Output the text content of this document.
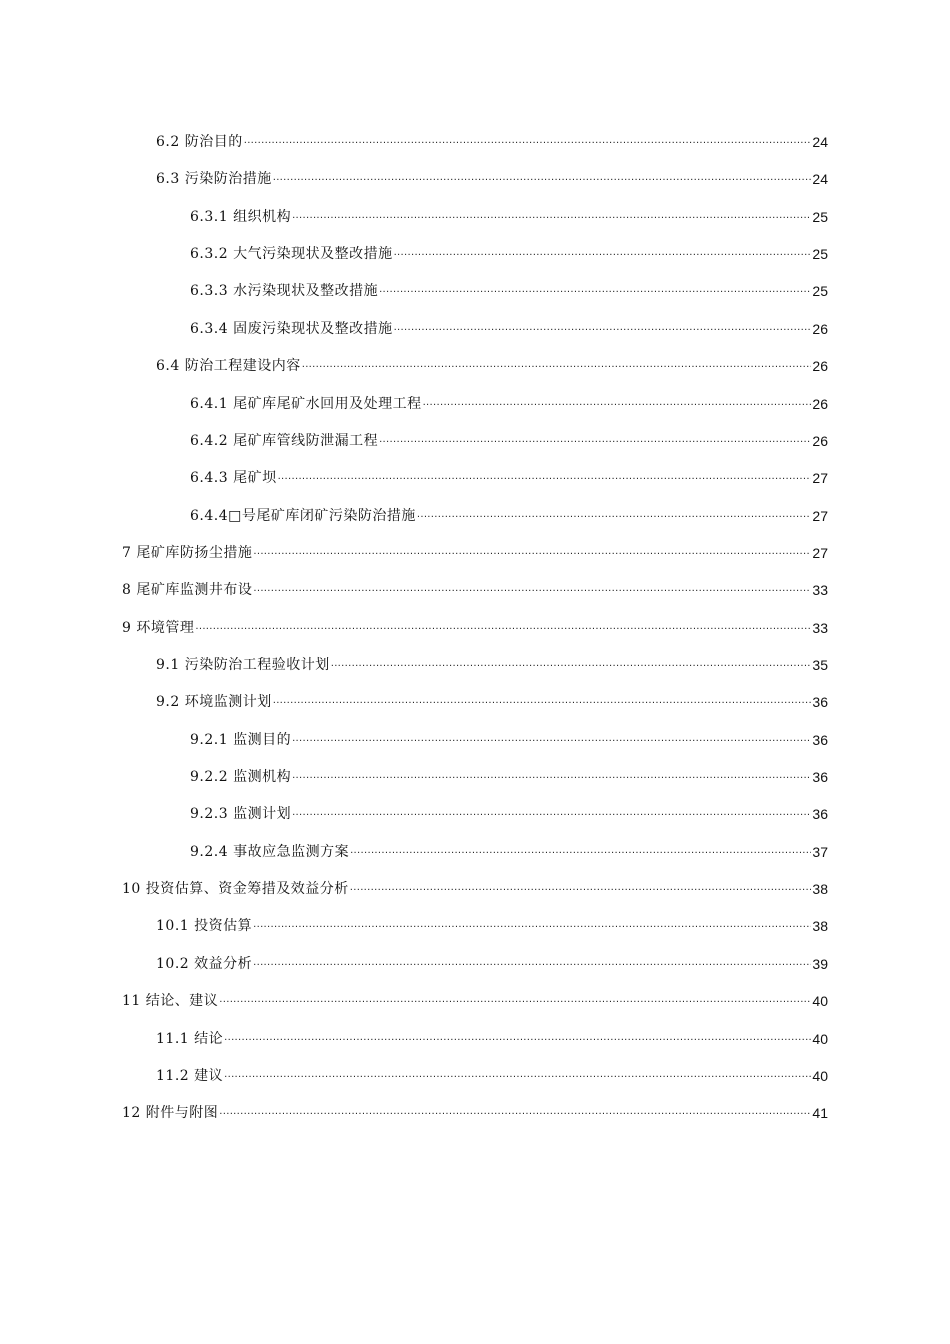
6.2 防治目的 .....	24
6.3 污染防治措施 .....	24
6.3.1 组织机构 .....	25
6.3.2 大气污染现状及整改措施 .....	25
6.3.3 水污染现状及整改措施 .....	25
6.3.4 固废污染现状及整改措施 .....	26
6.4 防治工程建设内容 .....	26
6.4.1 尾矿库尾矿水回用及处理工程 .....	26
6.4.2 尾矿库管线防泄漏工程 .....	26
6.4.3 尾矿坝 .....	27
6.4.4□号尾矿库闭矿污染防治措施 .....	27
7 尾矿库防扬尘措施 .....	27
8 尾矿库监测井布设 .....	33
9 环境管理 .....	33
9.1 污染防治工程验收计划 .....	35
9.2 环境监测计划 .....	36
9.2.1 监测目的 .....	36
9.2.2 监测机构 .....	36
9.2.3 监测计划 .....	36
9.2.4 事故应急监测方案 .....	37
10 投资估算、资金筹措及效益分析 .....	38
10.1 投资估算 .....	38
10.2 效益分析 .....	39
11 结论、建议 .....	40
11.1 结论 .....	40
11.2 建议 .....	40
12 附件与附图 .....	41
